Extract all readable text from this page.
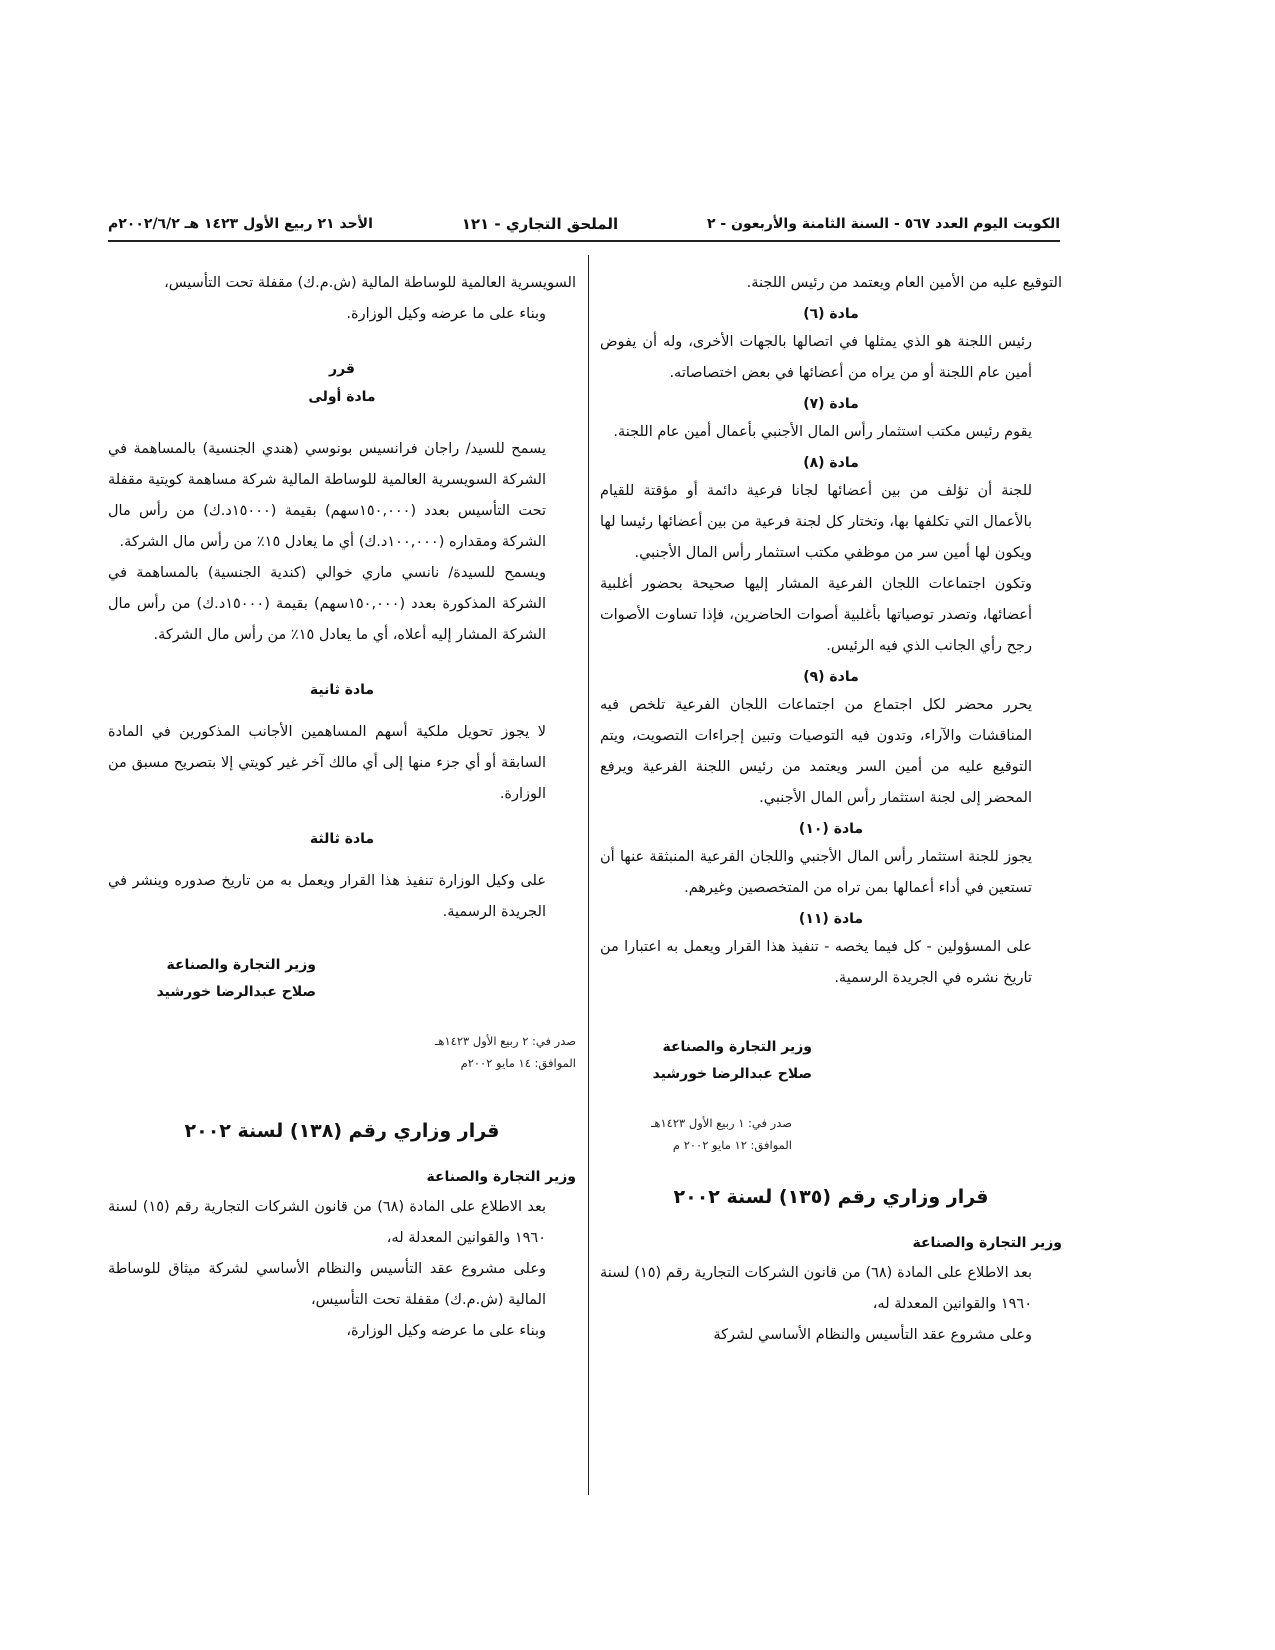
الكويت اليوم العدد ٥٦٧ - السنة الثامنة والأربعون - ٢
الملحق التجاري - ١٢١
الأحد ٢١ ربيع الأول ١٤٢٣ هـ ٢٠٠٢/٦/٢م

التوقيع عليه من الأمين العام ويعتمد من رئيس اللجنة.

مادة (٦)

رئيس اللجنة هو الذي يمثلها في اتصالها بالجهات الأخرى، وله أن يفوض أمين عام اللجنة أو من يراه من أعضائها في بعض اختصاصاته.

مادة (٧)

يقوم رئيس مكتب استثمار رأس المال الأجنبي بأعمال أمين عام اللجنة.

مادة (٨)

للجنة أن تؤلف من بين أعضائها لجانا فرعية دائمة أو مؤقتة للقيام بالأعمال التي تكلفها بها، وتختار كل لجنة فرعية من بين أعضائها رئيسا لها ويكون لها أمين سر من موظفي مكتب استثمار رأس المال الأجنبي.

وتكون اجتماعات اللجان الفرعية المشار إليها صحيحة بحضور أغلبية أعضائها، وتصدر توصياتها بأغلبية أصوات الحاضرين، فإذا تساوت الأصوات رجح رأي الجانب الذي فيه الرئيس.

مادة (٩)

يحرر محضر لكل اجتماع من اجتماعات اللجان الفرعية تلخص فيه المناقشات والآراء، وتدون فيه التوصيات وتبين إجراءات التصويت، ويتم التوقيع عليه من أمين السر ويعتمد من رئيس اللجنة الفرعية ويرفع المحضر إلى لجنة استثمار رأس المال الأجنبي.

مادة (١٠)

يجوز للجنة استثمار رأس المال الأجنبي واللجان الفرعية المنبثقة عنها أن تستعين في أداء أعمالها بمن تراه من المتخصصين وغيرهم.

مادة (١١)

على المسؤولين - كل فيما يخصه - تنفيذ هذا القرار ويعمل به اعتبارا من تاريخ نشره في الجريدة الرسمية.

وزير التجارة والصناعة
صلاح عبدالرضا خورشيد
صدر في: ١ ربيع الأول ١٤٢٣هـ
الموافق: ١٢ مايو ٢٠٠٢ م
قرار وزاري رقم (١٣٥) لسنة ٢٠٠٢
وزير التجارة والصناعة

بعد الاطلاع على المادة (٦٨) من قانون الشركات التجارية رقم (١٥) لسنة ١٩٦٠ والقوانين المعدلة له،

وعلى مشروع عقد التأسيس والنظام الأساسي لشركة

السويسرية العالمية للوساطة المالية (ش.م.ك) مقفلة تحت التأسيس،

وبناء على ما عرضه وكيل الوزارة.

قرر
مادة أولى

يسمح للسيد/ راجان فرانسيس بونوسي (هندي الجنسية) بالمساهمة في الشركة السويسرية العالمية للوساطة المالية شركة مساهمة كويتية مقفلة تحت التأسيس بعدد (١٥٠,٠٠٠سهم) بقيمة (١٥٠٠٠د.ك) من رأس مال الشركة ومقداره (١٠٠,٠٠٠د.ك) أي ما يعادل ١٥٪ من رأس مال الشركة.

ويسمح للسيدة/ نانسي ماري خوالي (كندية الجنسية) بالمساهمة في الشركة المذكورة بعدد (١٥٠,٠٠٠سهم) بقيمة (١٥٠٠٠د.ك) من رأس مال الشركة المشار إليه أعلاه، أي ما يعادل ١٥٪ من رأس مال الشركة.

مادة ثانية

لا يجوز تحويل ملكية أسهم المساهمين الأجانب المذكورين في المادة السابقة أو أي جزء منها إلى أي مالك آخر غير كويتي إلا بتصريح مسبق من الوزارة.

مادة ثالثة

على وكيل الوزارة تنفيذ هذا القرار ويعمل به من تاريخ صدوره وينشر في الجريدة الرسمية.

وزير التجارة والصناعة
صلاح عبدالرضا خورشيد
صدر في: ٢ ربيع الأول ١٤٢٣هـ
الموافق: ١٤ مايو ٢٠٠٢م
قرار وزاري رقم (١٣٨) لسنة ٢٠٠٢
وزير التجارة والصناعة

بعد الاطلاع على المادة (٦٨) من قانون الشركات التجارية رقم (١٥) لسنة ١٩٦٠ والقوانين المعدلة له،

وعلى مشروع عقد التأسيس والنظام الأساسي لشركة ميثاق للوساطة المالية (ش.م.ك) مقفلة تحت التأسيس،

وبناء على ما عرضه وكيل الوزارة،
